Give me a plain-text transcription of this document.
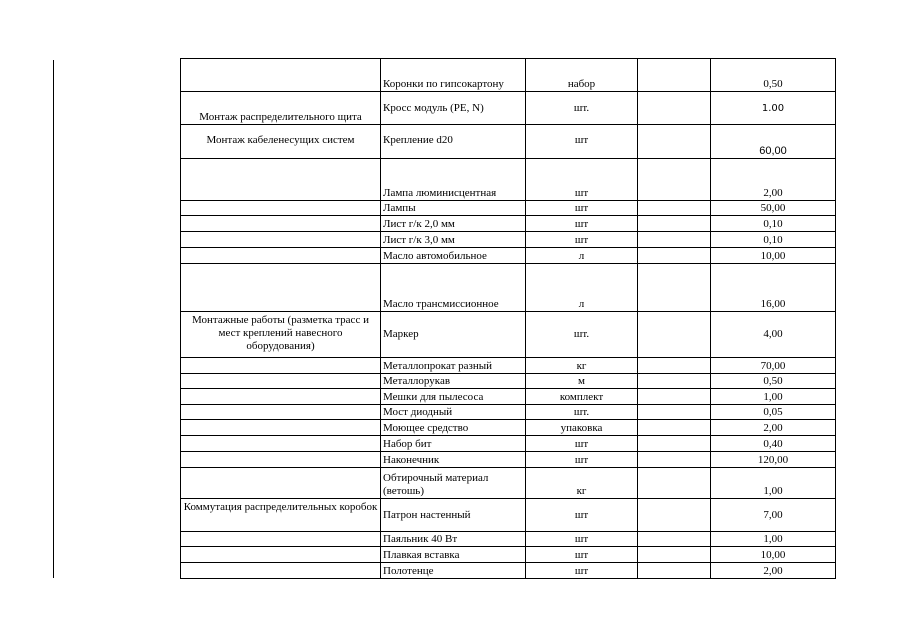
	Коронки по гипсокартону	набор		0,50
Монтаж распределительного щита	Кросс модуль (PE, N)	шт.		1.00
Монтаж кабеленесущих систем	Крепление d20	шт		60,00
	Лампа люминисцентная	шт		2,00
	Лампы	шт		50,00
	Лист г/к 2,0 мм	шт		0,10
	Лист г/к 3,0 мм	шт		0,10
	Масло автомобильное	л		10,00
	Масло трансмиссионное	л		16,00
Монтажные работы (разметка трасс и мест креплений навесного оборудования)	Маркер	шт.		4,00
	Металлопрокат разный	кг		70,00
	Металлорукав	м		0,50
	Мешки для пылесоса	комплект		1,00
	Мост диодный	шт.		0,05
	Моющее средство	упаковка		2,00
	Набор бит	шт		0,40
	Наконечник	шт		120,00
	Обтирочный материал (ветошь)	кг		1,00
Коммутация распределительных коробок	Патрон настенный	шт		7,00
	Паяльник 40 Вт	шт		1,00
	Плавкая вставка	шт		10,00
	Полотенце	шт		2,00
